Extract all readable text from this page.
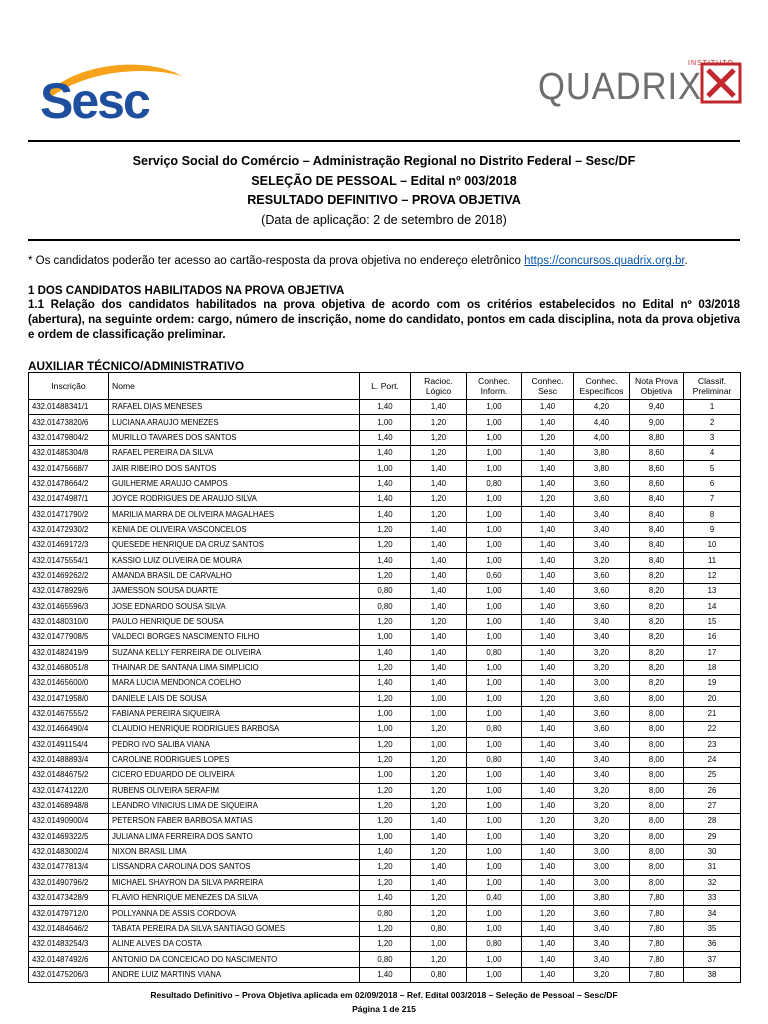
Sesc
INSTITUTO
QUADRIX
Serviço Social do Comércio – Administração Regional no Distrito Federal – Sesc/DF
SELEÇÃO DE PESSOAL – Edital nº 003/2018
RESULTADO DEFINITIVO – PROVA OBJETIVA
(Data de aplicação: 2 de setembro de 2018)
* Os candidatos poderão ter acesso ao cartão-resposta da prova objetiva no endereço eletrônico https://concursos.quadrix.org.br.
1 DOS CANDIDATOS HABILITADOS NA PROVA OBJETIVA
1.1 Relação dos candidatos habilitados na prova objetiva de acordo com os critérios estabelecidos no Edital nº 03/2018 (abertura), na seguinte ordem: cargo, número de inscrição, nome do candidato, pontos em cada disciplina, nota da prova objetiva e ordem de classificação preliminar.
AUXILIAR TÉCNICO/ADMINISTRATIVO
Inscrição	Nome	L. Port.	Racioc. Lógico	Conhec. Inform.	Conhec. Sesc	Conhec. Específicos	Nota Prova Objetiva	Classif. Preliminar
432.01488341/1	RAFAEL DIAS MENESES	1,40	1,40	1,00	1,40	4,20	9,40	1
432.01473820/6	LUCIANA ARAUJO MENEZES	1,00	1,20	1,00	1,40	4,40	9,00	2
432.01479804/2	MURILLO TAVARES DOS SANTOS	1,40	1,20	1,00	1,20	4,00	8,80	3
432.01485304/8	RAFAEL PEREIRA DA SILVA	1,40	1,20	1,00	1,40	3,80	8,60	4
432.01475668/7	JAIR RIBEIRO DOS SANTOS	1,00	1,40	1,00	1,40	3,80	8,60	5
432.01478664/2	GUILHERME ARAUJO CAMPOS	1,40	1,40	0,80	1,40	3,60	8,60	6
432.01474987/1	JOYCE RODRIGUES DE ARAUJO SILVA	1,40	1,20	1,00	1,20	3,60	8,40	7
432.01471790/2	MARILIA MARRA DE OLIVEIRA MAGALHAES	1,40	1,20	1,00	1,40	3,40	8,40	8
432.01472930/2	KENIA DE OLIVEIRA VASCONCELOS	1,20	1,40	1,00	1,40	3,40	8,40	9
432.01469172/3	QUESEDE HENRIQUE DA CRUZ SANTOS	1,20	1,40	1,00	1,40	3,40	8,40	10
432.01475554/1	KASSIO LUIZ OLIVEIRA DE MOURA	1,40	1,40	1,00	1,40	3,20	8,40	11
432.01469262/2	AMANDA BRASIL DE CARVALHO	1,20	1,40	0,60	1,40	3,60	8,20	12
432.01478929/6	JAMESSON SOUSA DUARTE	0,80	1,40	1,00	1,40	3,60	8,20	13
432.01465596/3	JOSE EDNARDO SOUSA SILVA	0,80	1,40	1,00	1,40	3,60	8,20	14
432.01480310/0	PAULO HENRIQUE DE SOUSA	1,20	1,20	1,00	1,40	3,40	8,20	15
432.01477908/5	VALDECI BORGES NASCIMENTO FILHO	1,00	1,40	1,00	1,40	3,40	8,20	16
432.01482419/9	SUZANA KELLY FERREIRA DE OLIVEIRA	1,40	1,40	0,80	1,40	3,20	8,20	17
432.01468051/8	THAINAR DE SANTANA LIMA SIMPLICIO	1,20	1,40	1,00	1,40	3,20	8,20	18
432.01465600/0	MARA LUCIA MENDONCA COELHO	1,40	1,40	1,00	1,40	3,00	8,20	19
432.01471958/0	DANIELE LAIS DE SOUSA	1,20	1,00	1,00	1,20	3,60	8,00	20
432.01467555/2	FABIANA PEREIRA SIQUEIRA	1,00	1,00	1,00	1,40	3,60	8,00	21
432.01466490/4	CLAUDIO HENRIQUE RODRIGUES BARBOSA	1,00	1,20	0,80	1,40	3,60	8,00	22
432.01491154/4	PEDRO IVO SALIBA VIANA	1,20	1,00	1,00	1,40	3,40	8,00	23
432.01488893/4	CAROLINE RODRIGUES LOPES	1,20	1,20	0,80	1,40	3,40	8,00	24
432.01484675/2	CICERO EDUARDO DE OLIVEIRA	1,00	1,20	1,00	1,40	3,40	8,00	25
432.01474122/0	RUBENS OLIVEIRA SERAFIM	1,20	1,20	1,00	1,40	3,20	8,00	26
432.01468948/8	LEANDRO VINICIUS LIMA DE SIQUEIRA	1,20	1,20	1,00	1,40	3,20	8,00	27
432.01490900/4	PETERSON FABER BARBOSA MATIAS	1,20	1,40	1,00	1,20	3,20	8,00	28
432.01469322/5	JULIANA LIMA FERREIRA DOS SANTO	1,00	1,40	1,00	1,40	3,20	8,00	29
432.01483002/4	NIXON BRASIL LIMA	1,40	1,20	1,00	1,40	3,00	8,00	30
432.01477813/4	LISSANDRA CAROLINA DOS SANTOS	1,20	1,40	1,00	1,40	3,00	8,00	31
432.01490796/2	MICHAEL SHAYRON DA SILVA PARREIRA	1,20	1,40	1,00	1,40	3,00	8,00	32
432.01473428/9	FLAVIO HENRIQUE MENEZES DA SILVA	1,40	1,20	0,40	1,00	3,80	7,80	33
432.01479712/0	POLLYANNA DE ASSIS CORDOVA	0,80	1,20	1,00	1,20	3,60	7,80	34
432.01484646/2	TABATA PEREIRA DA SILVA SANTIAGO GOMES	1,20	0,80	1,00	1,40	3,40	7,80	35
432.01483254/3	ALINE ALVES DA COSTA	1,20	1,00	0,80	1,40	3,40	7,80	36
432.01487492/6	ANTONIO DA CONCEICAO DO NASCIMENTO	0,80	1,20	1,00	1,40	3,40	7,80	37
432.01475206/3	ANDRE LUIZ MARTINS VIANA	1,40	0,80	1,00	1,40	3,20	7,80	38
Resultado Definitivo – Prova Objetiva aplicada em 02/09/2018 – Ref. Edital 003/2018 – Seleção de Pessoal – Sesc/DF
Página 1 de 215
